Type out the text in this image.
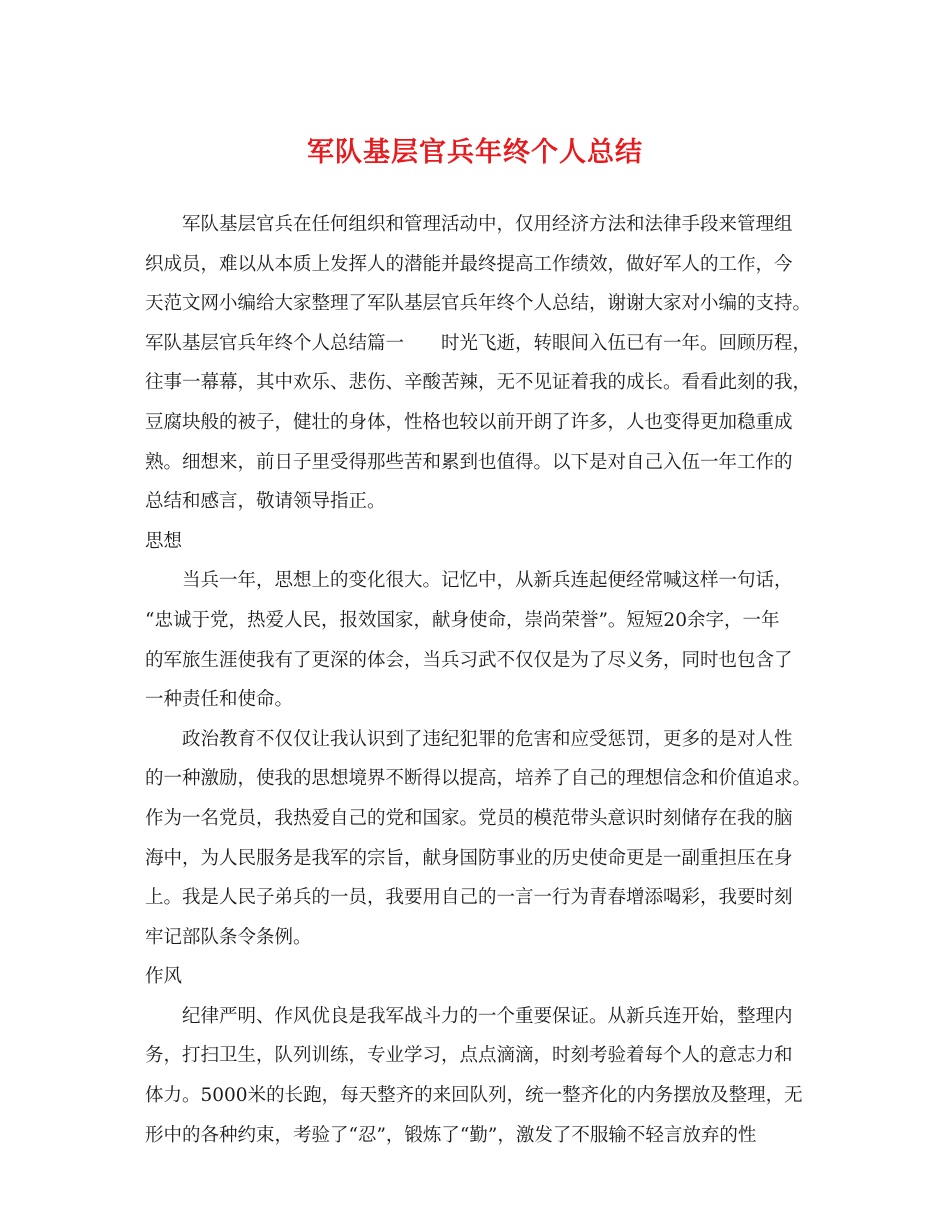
军队基层官兵年终个人总结

军队基层官兵在任何组织和管理活动中，仅用经济方法和法律手段来管理组
织成员，难以从本质上发挥人的潜能并最终提高工作绩效，做好军人的工作，今
天范文网小编给大家整理了军队基层官兵年终个人总结，谢谢大家对小编的支持。
军队基层官兵年终个人总结篇一　　时光飞逝，转眼间入伍已有一年。回顾历程，
往事一幕幕，其中欢乐、悲伤、辛酸苦辣，无不见证着我的成长。看看此刻的我，
豆腐块般的被子，健壮的身体，性格也较以前开朗了许多，人也变得更加稳重成
熟。细想来，前日子里受得那些苦和累到也值得。以下是对自己入伍一年工作的
总结和感言，敬请领导指正。

思想

当兵一年，思想上的变化很大。记忆中，从新兵连起便经常喊这样一句话，
“忠诚于党，热爱人民，报效国家，献身使命，崇尚荣誉”。短短20余字，一年
的军旅生涯使我有了更深的体会，当兵习武不仅仅是为了尽义务，同时也包含了
一种责任和使命。

政治教育不仅仅让我认识到了违纪犯罪的危害和应受惩罚，更多的是对人性
的一种激励，使我的思想境界不断得以提高，培养了自己的理想信念和价值追求。
作为一名党员，我热爱自己的党和国家。党员的模范带头意识时刻储存在我的脑
海中，为人民服务是我军的宗旨，献身国防事业的历史使命更是一副重担压在身
上。我是人民子弟兵的一员，我要用自己的一言一行为青春增添喝彩，我要时刻
牢记部队条令条例。

作风

纪律严明、作风优良是我军战斗力的一个重要保证。从新兵连开始，整理内
务，打扫卫生，队列训练，专业学习，点点滴滴，时刻考验着每个人的意志力和
体力。5000米的长跑，每天整齐的来回队列，统一整齐化的内务摆放及整理，无
形中的各种约束，考验了“忍”，锻炼了“勤”，激发了不服输不轻言放弃的性
